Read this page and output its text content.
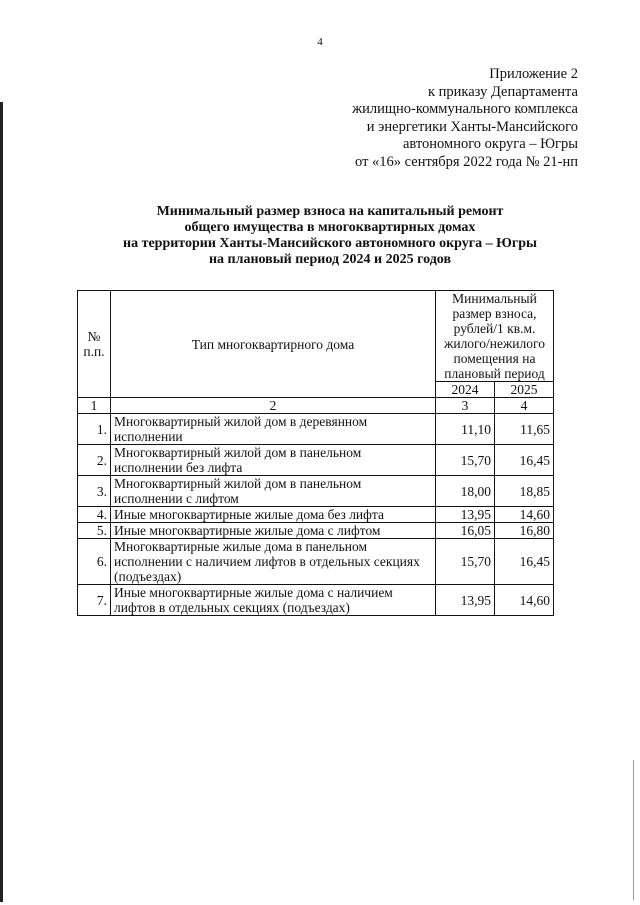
4
Приложение 2
к приказу Департамента
жилищно-коммунального комплекса
и энергетики Ханты-Мансийского
автономного округа – Югры
от «16» сентября 2022 года № 21-нп
Минимальный размер взноса на капитальный ремонт
общего имущества в многоквартирных домах
на территории Ханты-Мансийского автономного округа – Югры
на плановый период 2024 и 2025 годов
№ п.п.	Тип многоквартирного дома	Минимальный размер взноса, рублей/1 кв.м. жилого/нежилого помещения на плановый период	
		2024	2025
1	2	3	4
1.	Многоквартирный жилой дом в деревянном исполнении	11,10	11,65
2.	Многоквартирный жилой дом в панельном исполнении без лифта	15,70	16,45
3.	Многоквартирный жилой дом в панельном исполнении с лифтом	18,00	18,85
4.	Иные многоквартирные жилые дома без лифта	13,95	14,60
5.	Иные многоквартирные жилые дома с лифтом	16,05	16,80
6.	Многоквартирные жилые дома в панельном исполнении с наличием лифтов в отдельных секциях (подъездах)	15,70	16,45
7.	Иные многоквартирные жилые дома с наличием лифтов в отдельных секциях (подъездах)	13,95	14,60
